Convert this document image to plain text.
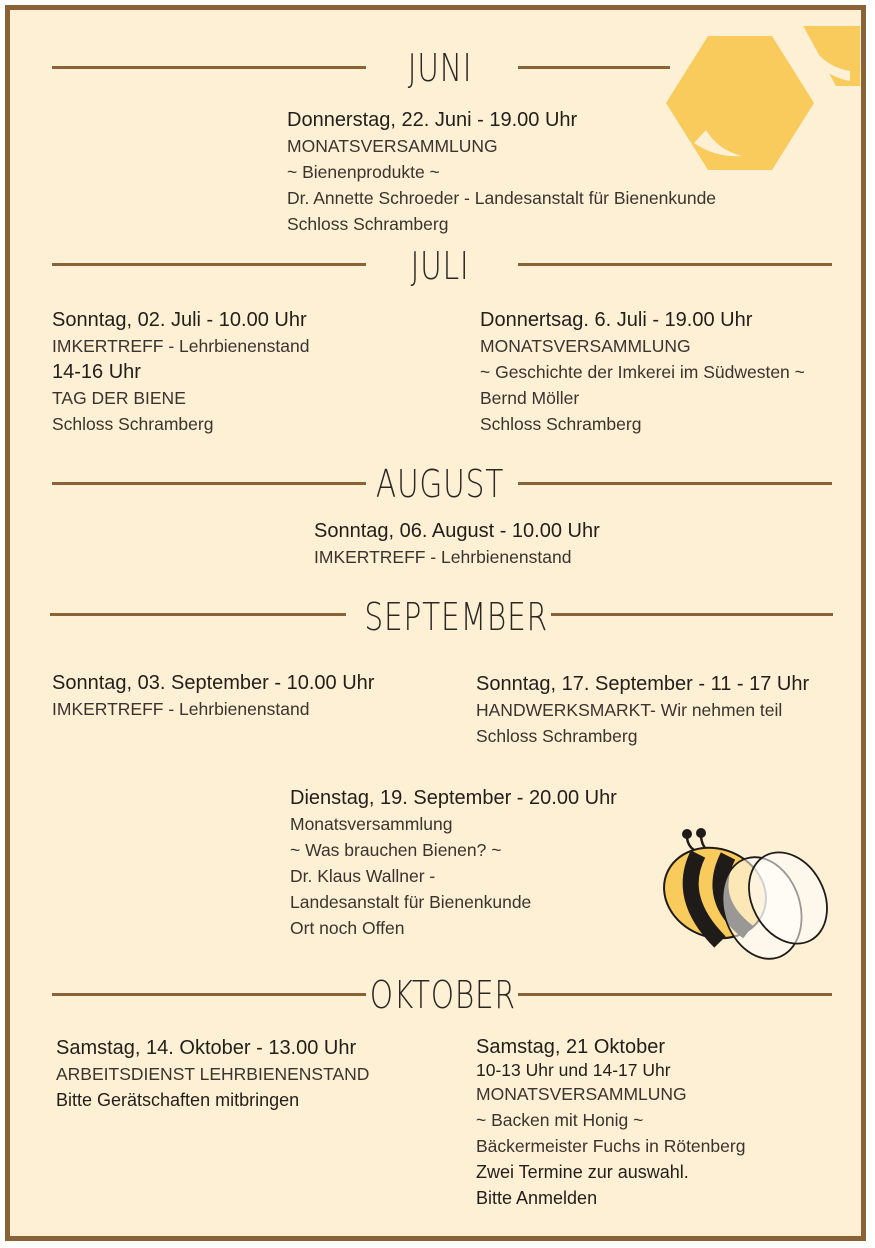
JUNI
Donnerstag, 22. Juni - 19.00 Uhr
MONATSVERSAMMLUNG
~ Bienenprodukte ~
Dr. Annette Schroeder - Landesanstalt für Bienenkunde
Schloss Schramberg
JULI
Sonntag, 02. Juli - 10.00 Uhr
IMKERTREFF - Lehrbienenstand
14-16 Uhr
TAG DER BIENE
Schloss Schramberg
Donnertsag. 6. Juli - 19.00 Uhr
MONATSVERSAMMLUNG
~ Geschichte der Imkerei im Südwesten ~
Bernd Möller
Schloss Schramberg
AUGUST
Sonntag, 06. August - 10.00 Uhr
IMKERTREFF - Lehrbienenstand
SEPTEMBER
Sonntag, 03. September - 10.00 Uhr
IMKERTREFF - Lehrbienenstand
Sonntag, 17. September - 11 - 17 Uhr
HANDWERKSMARKT- Wir nehmen teil
Schloss Schramberg
Dienstag, 19. September - 20.00 Uhr
Monatsversammlung
~ Was brauchen Bienen? ~
Dr. Klaus Wallner -
Landesanstalt für Bienenkunde
Ort noch Offen
OKTOBER
Samstag, 14. Oktober - 13.00 Uhr
ARBEITSDIENST LEHRBIENENSTAND
Bitte Gerätschaften mitbringen
Samstag, 21 Oktober
10-13 Uhr und 14-17 Uhr
MONATSVERSAMMLUNG
~ Backen mit Honig ~
Bäckermeister Fuchs in Rötenberg
Zwei Termine zur auswahl.
Bitte Anmelden
